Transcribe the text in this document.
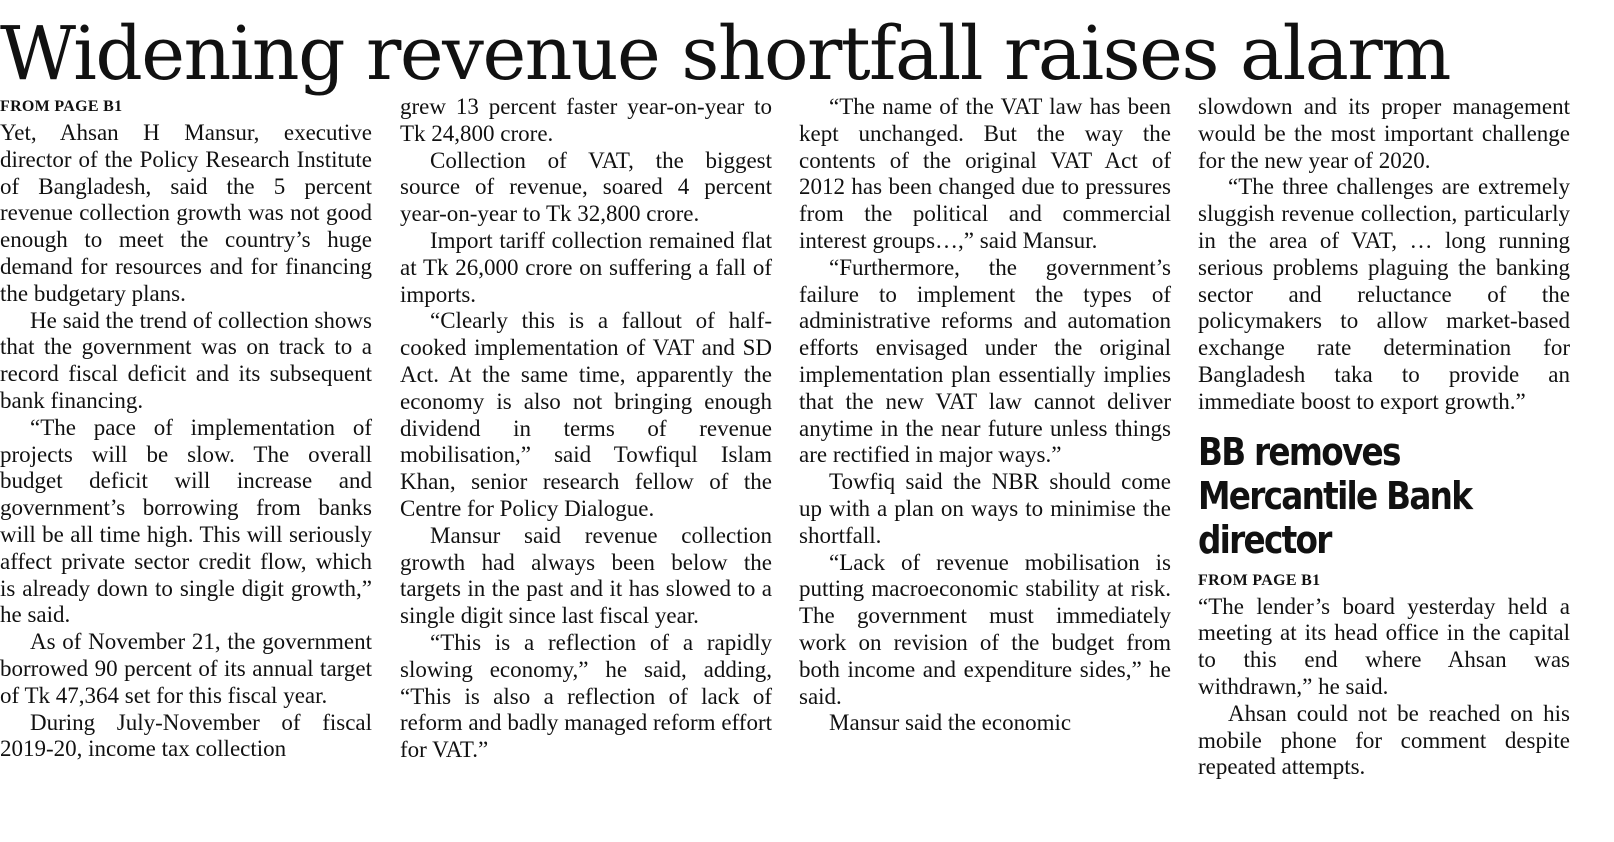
Widening revenue shortfall raises alarm
FROM PAGE B1

Yet, Ahsan H Mansur, executive director of the Policy Research Institute of Bangladesh, said the 5 percent revenue collection growth was not good enough to meet the country’s huge demand for resources and for financing the budgetary plans.

He said the trend of collection shows that the government was on track to a record fiscal deficit and its subsequent bank financing.

“The pace of implementation of projects will be slow. The overall budget deficit will increase and government’s borrowing from banks will be all time high. This will seriously affect private sector credit flow, which is already down to single digit growth,” he said.

As of November 21, the government borrowed 90 percent of its annual target of Tk 47,364 set for this fiscal year.

During July-November of fiscal 2019-20, income tax collection

grew 13 percent faster year-on-year to Tk 24,800 crore.

Collection of VAT, the biggest source of revenue, soared 4 percent year-on-year to Tk 32,800 crore.

Import tariff collection remained flat at Tk 26,000 crore on suffering a fall of imports.

“Clearly this is a fallout of half-cooked implementation of VAT and SD Act. At the same time, apparently the economy is also not bringing enough dividend in terms of revenue mobilisation,” said Towfiqul Islam Khan, senior research fellow of the Centre for Policy Dialogue.

Mansur said revenue collection growth had always been below the targets in the past and it has slowed to a single digit since last fiscal year.

“This is a reflection of a rapidly slowing economy,” he said, adding, “This is also a reflection of lack of reform and badly managed reform effort for VAT.”

“The name of the VAT law has been kept unchanged. But the way the contents of the original VAT Act of 2012 has been changed due to pressures from the political and commercial interest groups…,” said Mansur.

“Furthermore, the government’s failure to implement the types of administrative reforms and automation efforts envisaged under the original implementation plan essentially implies that the new VAT law cannot deliver anytime in the near future unless things are rectified in major ways.”

Towfiq said the NBR should come up with a plan on ways to minimise the shortfall.

“Lack of revenue mobilisation is putting macroeconomic stability at risk. The government must immediately work on revision of the budget from both income and expenditure sides,” he said.

Mansur said the economic

slowdown and its proper management would be the most important challenge for the new year of 2020.

“The three challenges are extremely sluggish revenue collection, particularly in the area of VAT, … long running serious problems plaguing the banking sector and reluctance of the policymakers to allow market-based exchange rate determination for Bangladesh taka to provide an immediate boost to export growth.”

BB removes Mercantile Bank director
FROM PAGE B1

“The lender’s board yesterday held a meeting at its head office in the capital to this end where Ahsan was withdrawn,” he said.

Ahsan could not be reached on his mobile phone for comment despite repeated attempts.
